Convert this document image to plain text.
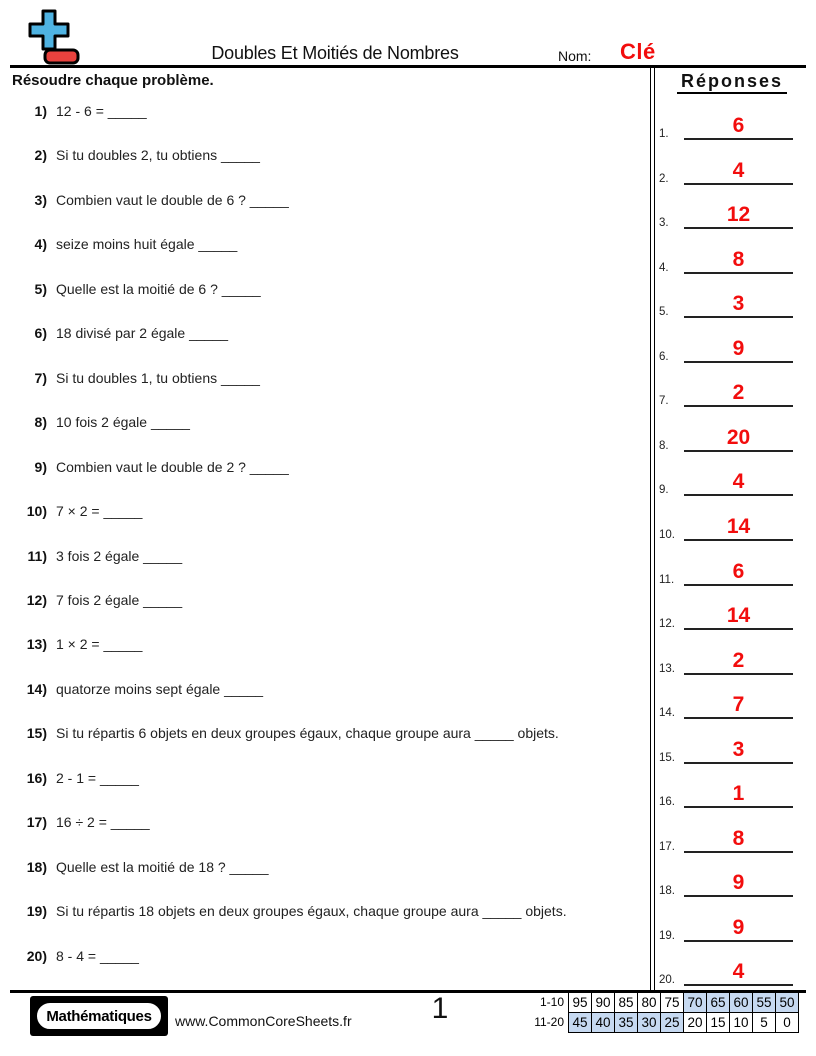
Doubles Et Moitiés de Nombres	Nom: Clé
Résoudre chaque problème.	Réponses
1) 12 - 6 = _____
2) Si tu doubles 2, tu obtiens _____
3) Combien vaut le double de 6 ? _____
4) seize moins huit égale _____
5) Quelle est la moitié de 6 ? _____
6) 18 divisé par 2 égale _____
7) Si tu doubles 1, tu obtiens _____
8) 10 fois 2 égale _____
9) Combien vaut le double de 2 ? _____
10) 7 × 2 = _____
11) 3 fois 2 égale _____
12) 7 fois 2 égale _____
13) 1 × 2 = _____
14) quatorze moins sept égale _____
15) Si tu répartis 6 objets en deux groupes égaux, chaque groupe aura _____ objets.
16) 2 - 1 = _____
17) 16 ÷ 2 = _____
18) Quelle est la moitié de 18 ? _____
19) Si tu répartis 18 objets en deux groupes égaux, chaque groupe aura _____ objets.
20) 8 - 4 = _____
1.	6
2.	4
3.	12
4.	8
5.	3
6.	9
7.	2
8.	20
9.	4
10.	14
11.	6
12.	14
13.	2
14.	7
15.	3
16.	1
17.	8
18.	9
19.	9
20.	4
Mathématiques	www.CommonCoreSheets.fr	1	1-10	95	90	85	80	75	70	65	60	55	50
11-20	45	40	35	30	25	20	15	10	5	0
